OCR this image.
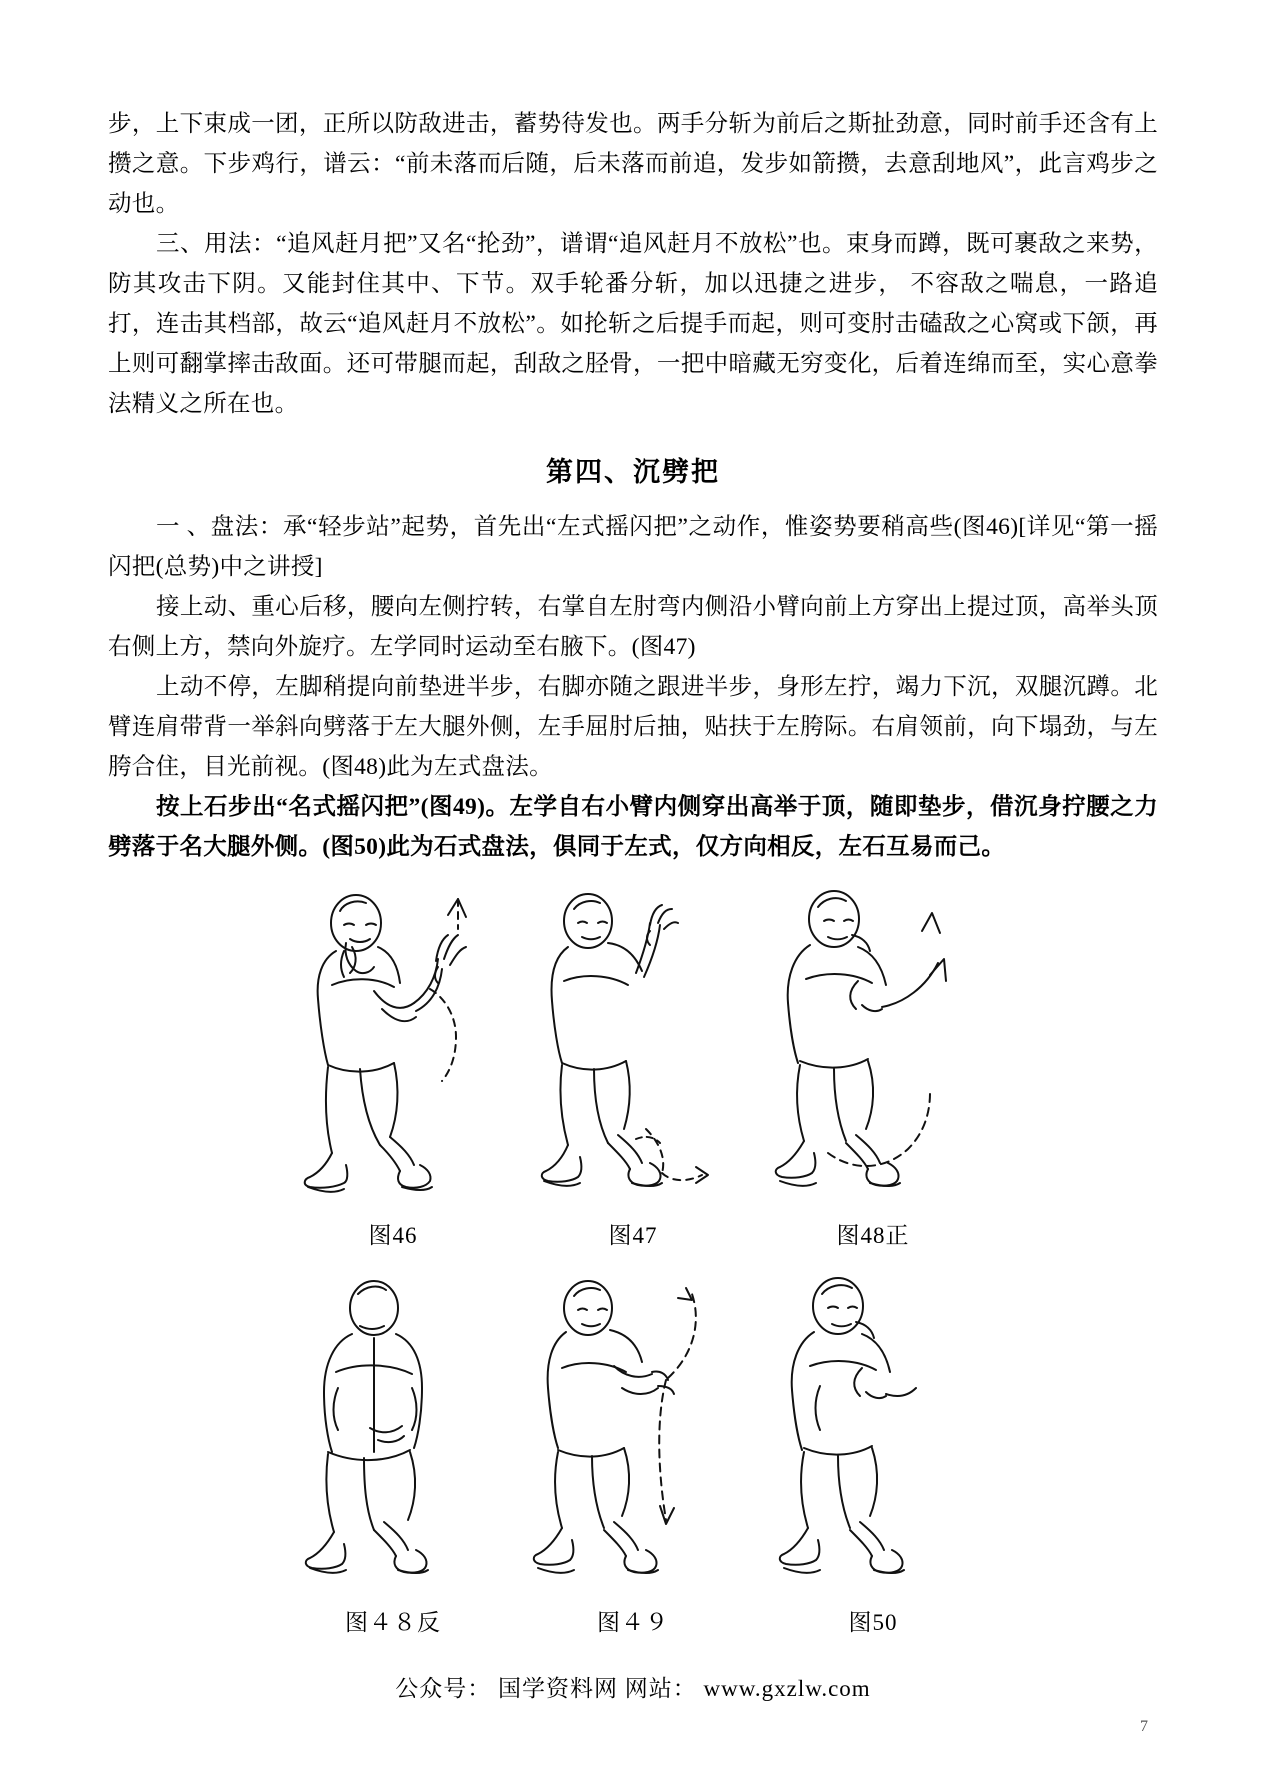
步，上下束成一团，正所以防敌进击，蓄势待发也。两手分斩为前后之斯扯劲意，同时前手还含有上攒之意。下步鸡行，谱云：“前未落而后随，后未落而前追，发步如箭攒，去意刮地风”，此言鸡步之动也。

三、用法：“追风赶月把”又名“抡劲”，谱谓“追风赶月不放松”也。束身而蹲，既可裹敌之来势，防其攻击下阴。又能封住其中、下节。双手轮番分斩，加以迅捷之进步， 不容敌之喘息，一路追打，连击其档部，故云“追风赶月不放松”。如抡斩之后提手而起，则可变肘击磕敌之心窝或下颌，再上则可翻掌摔击敌面。还可带腿而起，刮敌之胫骨，一把中暗藏无穷变化，后着连绵而至，实心意拳法精义之所在也。

第四、沉劈把

一 、盘法：承“轻步站”起势，首先出“左式摇闪把”之动作，惟姿势要稍高些(图46)[详见“第一摇闪把(总势)中之讲授]

接上动、重心后移，腰向左侧拧转，右掌自左肘弯内侧沿小臂向前上方穿出上提过顶，高举头顶右侧上方，禁向外旋疗。左学同时运动至右腋下。(图47)

上动不停，左脚稍提向前垫进半步，右脚亦随之跟进半步，身形左拧，竭力下沉，双腿沉蹲。北臂连肩带背一举斜向劈落于左大腿外侧，左手屈肘后抽，贴扶于左胯际。右肩领前，向下塌劲，与左胯合住，目光前视。(图48)此为左式盘法。

按上石步出“名式摇闪把”(图49)。左学自右小臂内侧穿出高举于顶，随即垫步，借沉身拧腰之力劈落于名大腿外侧。(图50)此为石式盘法，俱同于左式，仅方向相反，左石互易而己。

图46	图47	图48正
图４８反	图４９	图50
公众号： 国学资料网 网站： www.gxzlw.com
7
